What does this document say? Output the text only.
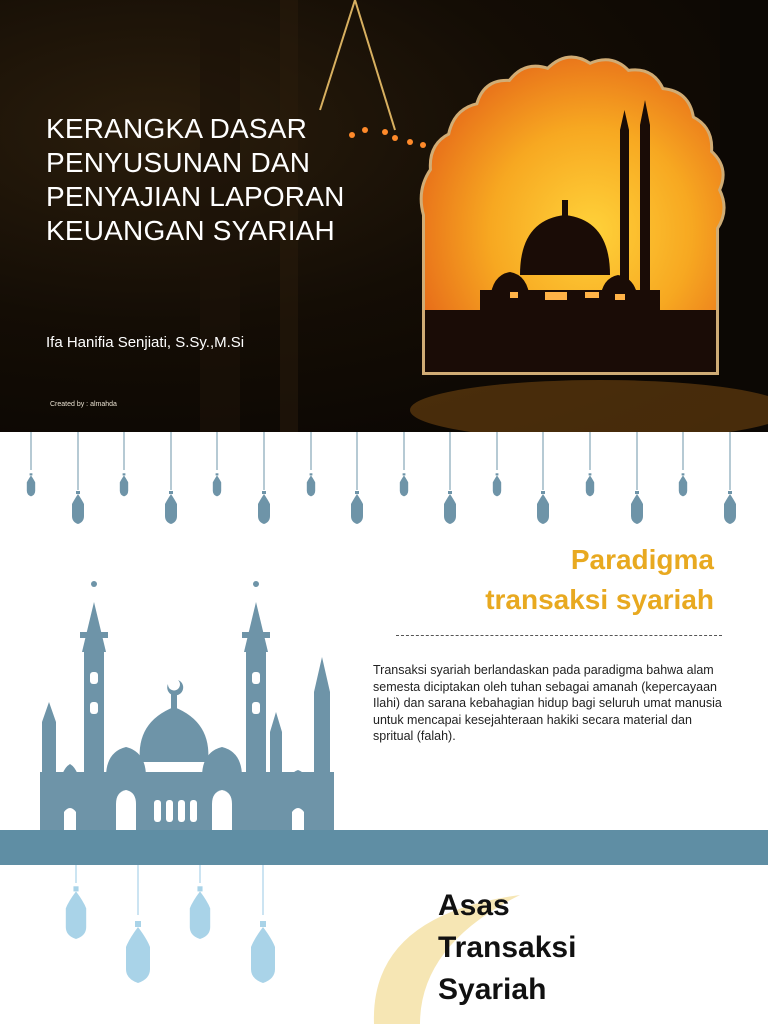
KERANGKA DASAR
PENYUSUNAN DAN
PENYAJIAN LAPORAN
KEUANGAN SYARIAH
Ifa Hanifia Senjiati, S.Sy.,M.Si
Created by : almahda
Paradigma
transaksi syariah

Transaksi syariah berlandaskan pada paradigma bahwa alam semesta diciptakan oleh tuhan sebagai amanah (kepercayaan Ilahi) dan sarana kebahagian hidup bagi seluruh umat manusia untuk mencapai kesejahteraan hakiki secara material dan spritual (falah).

Asas
Transaksi
Syariah
